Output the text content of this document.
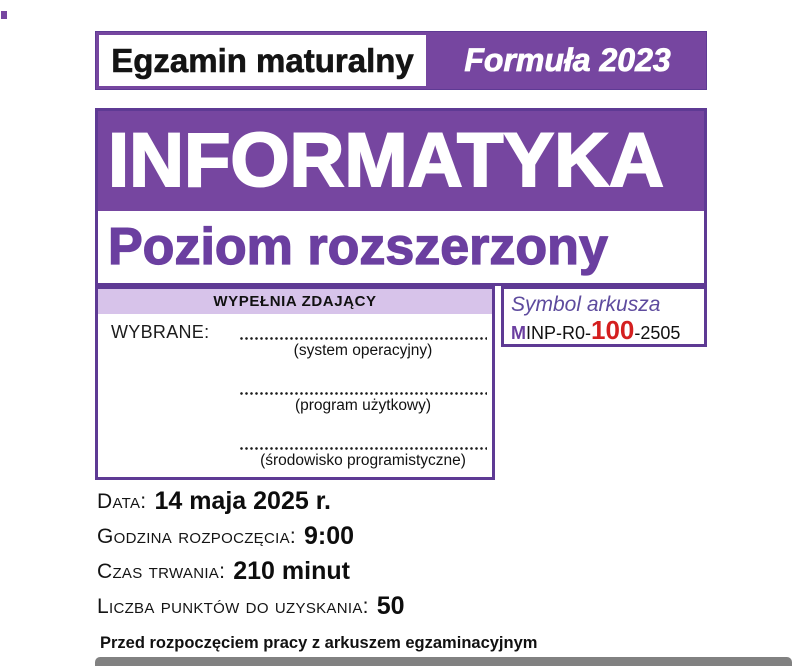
Egzamin maturalny	Formuła 2023
INFORMATYKA
Poziom rozszerzony
WYPEŁNIA ZDAJĄCY
WYBRANE:
(system operacyjny)
(program użytkowy)
(środowisko programistyczne)
Symbol arkusza
M INP-R0- 100 -2505
Data: 14 maja 2025 r.
Godzina rozpoczęcia: 9:00
Czas trwania: 210 minut
Liczba punktów do uzyskania: 50
Przed rozpoczęciem pracy z arkuszem egzaminacyjnym
